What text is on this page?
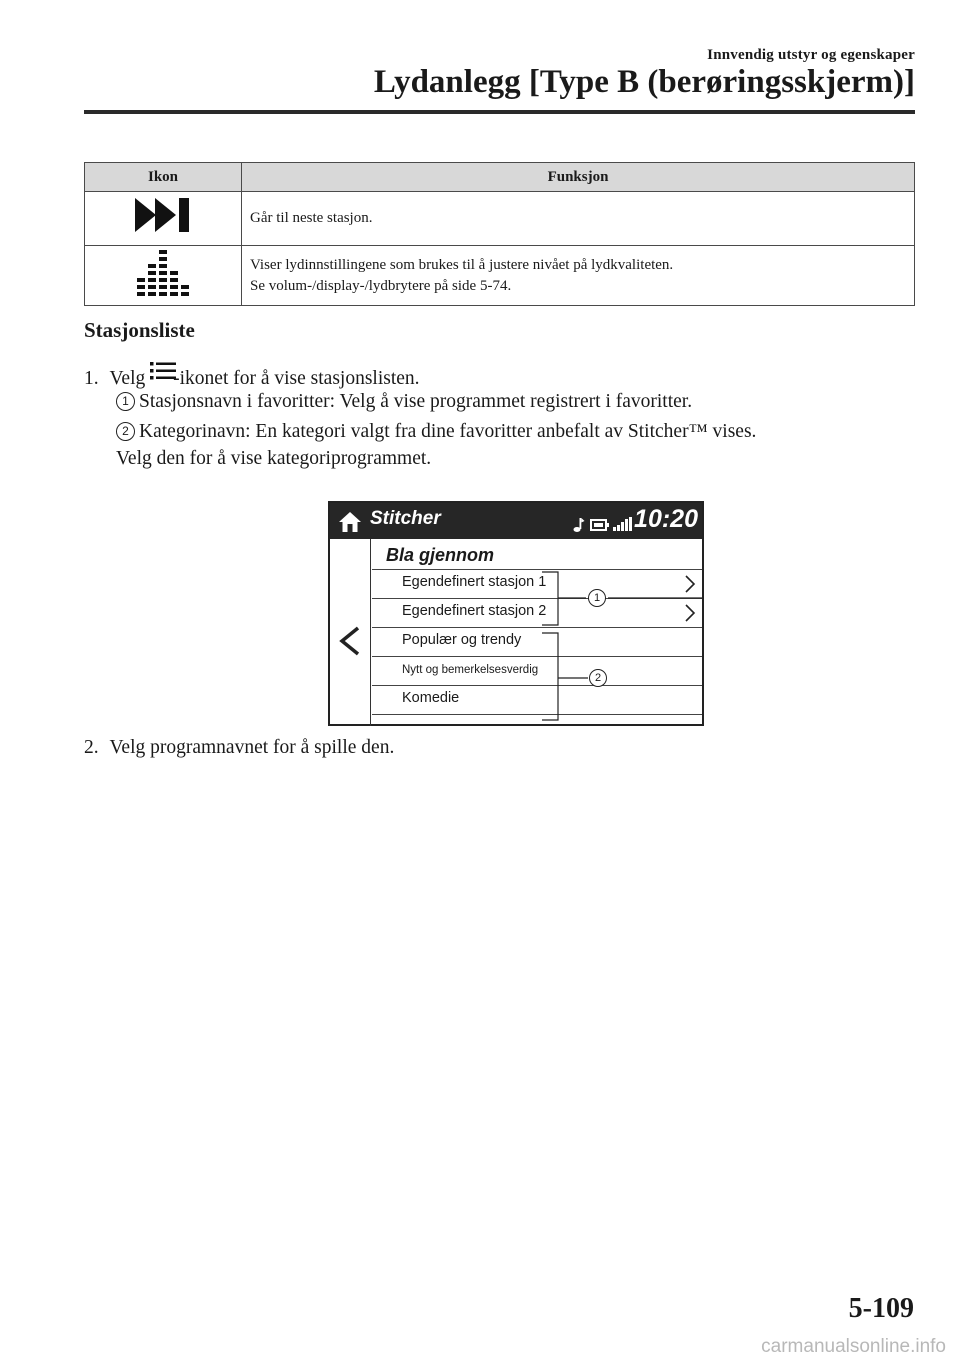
Innvendig utstyr og egenskaper
Lydanlegg [Type B (berøringsskjerm)]
Ikon	Funksjon

Går til neste stasjon.

Viser lydinnstillingene som brukes til å justere nivået på lydkvaliteten.
Se volum-/display-/lydbrytere på side 5-74.
Stasjonsliste
1. Velg -ikonet for å vise stasjonslisten.
1 Stasjonsnavn i favoritter: Velg å vise programmet registrert i favoritter.
2 Kategorinavn: En kategori valgt fra dine favoritter anbefalt av Stitcher™ vises.
Velg den for å vise kategoriprogrammet.
Stitcher	10:20
Bla gjennom
Egendefinert stasjon 1
Egendefinert stasjon 2
Populær og trendy
Nytt og bemerkelsesverdig
Komedie
1
2
2. Velg programnavnet for å spille den.
5-109
carmanualsonline.info
